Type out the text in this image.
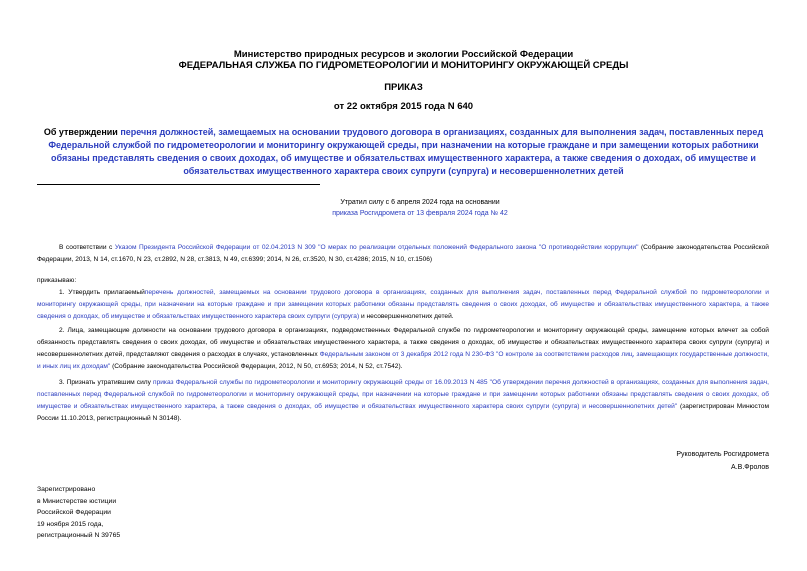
Министерство природных ресурсов и экологии Российской Федерации
ФЕДЕРАЛЬНАЯ СЛУЖБА ПО ГИДРОМЕТЕОРОЛОГИИ И МОНИТОРИНГУ ОКРУЖАЮЩЕЙ СРЕДЫ
ПРИКАЗ
от 22 октября 2015 года N 640
Об утверждении перечня должностей, замещаемых на основании трудового договора в организациях, созданных для выполнения задач, поставленных перед Федеральной службой по гидрометеорологии и мониторингу окружающей среды, при назначении на которые граждане и при замещении которых работники обязаны представлять сведения о своих доходах, об имуществе и обязательствах имущественного характера, а также сведения о доходах, об имуществе и обязательствах имущественного характера своих супруги (супруга) и несовершеннолетних детей
Утратил силу с 6 апреля 2024 года на основании
приказа Росгидромета от 13 февраля 2024 года № 42
В соответствии с Указом Президента Российской Федерации от 02.04.2013 N 309 "О мерах по реализации отдельных положений Федерального закона "О противодействии коррупции" (Собрание законодательства Российской Федерации, 2013, N 14, ст.1670, N 23, ст.2892, N 28, ст.3813, N 49, ст.6399; 2014, N 26, ст.3520, N 30, ст.4286; 2015, N 10, ст.1506)
приказываю:
1. Утвердить прилагаемыйперечень должностей, замещаемых на основании трудового договора в организациях, созданных для выполнения задач, поставленных перед Федеральной службой по гидрометеорологии и мониторингу окружающей среды, при назначении на которые граждане и при замещении которых работники обязаны представлять сведения о своих доходах, об имуществе и обязательствах имущественного характера, а также сведения о доходах, об имуществе и обязательствах имущественного характера своих супруги (супруга) и несовершеннолетних детей.
2. Лица, замещающие должности на основании трудового договора в организациях, подведомственных Федеральной службе по гидрометеорологии и мониторингу окружающей среды, замещение которых влечет за собой обязанность представлять сведения о своих доходах, об имуществе и обязательствах имущественного характера, а также сведения о доходах, об имуществе и обязательствах имущественного характера своих супруги (супруга) и несовершеннолетних детей, представляют сведения о расходах в случаях, установленных Федеральным законом от 3 декабря 2012 года N 230-ФЗ "О контроле за соответствием расходов лиц, замещающих государственные должности, и иных лиц их доходам" (Собрание законодательства Российской Федерации, 2012, N 50, ст.6953; 2014, N 52, ст.7542).
3. Признать утратившим силу приказ Федеральной службы по гидрометеорологии и мониторингу окружающей среды от 16.09.2013 N 485 "Об утверждении перечня должностей в организациях, созданных для выполнения задач, поставленных перед Федеральной службой по гидрометеорологии и мониторингу окружающей среды, при назначении на которые граждане и при замещении которых работники обязаны представлять сведения о своих доходах, об имуществе и обязательствах имущественного характера, а также сведения о доходах, об имуществе и обязательствах имущественного характера своих супруги (супруга) и несовершеннолетних детей" (зарегистрирован Минюстом России 11.10.2013, регистрационный N 30148).
Руководитель Росгидромета
А.В.Фролов
Зарегистрировано
в Министерстве юстиции
Российской Федерации
19 ноября 2015 года,
регистрационный N 39765
